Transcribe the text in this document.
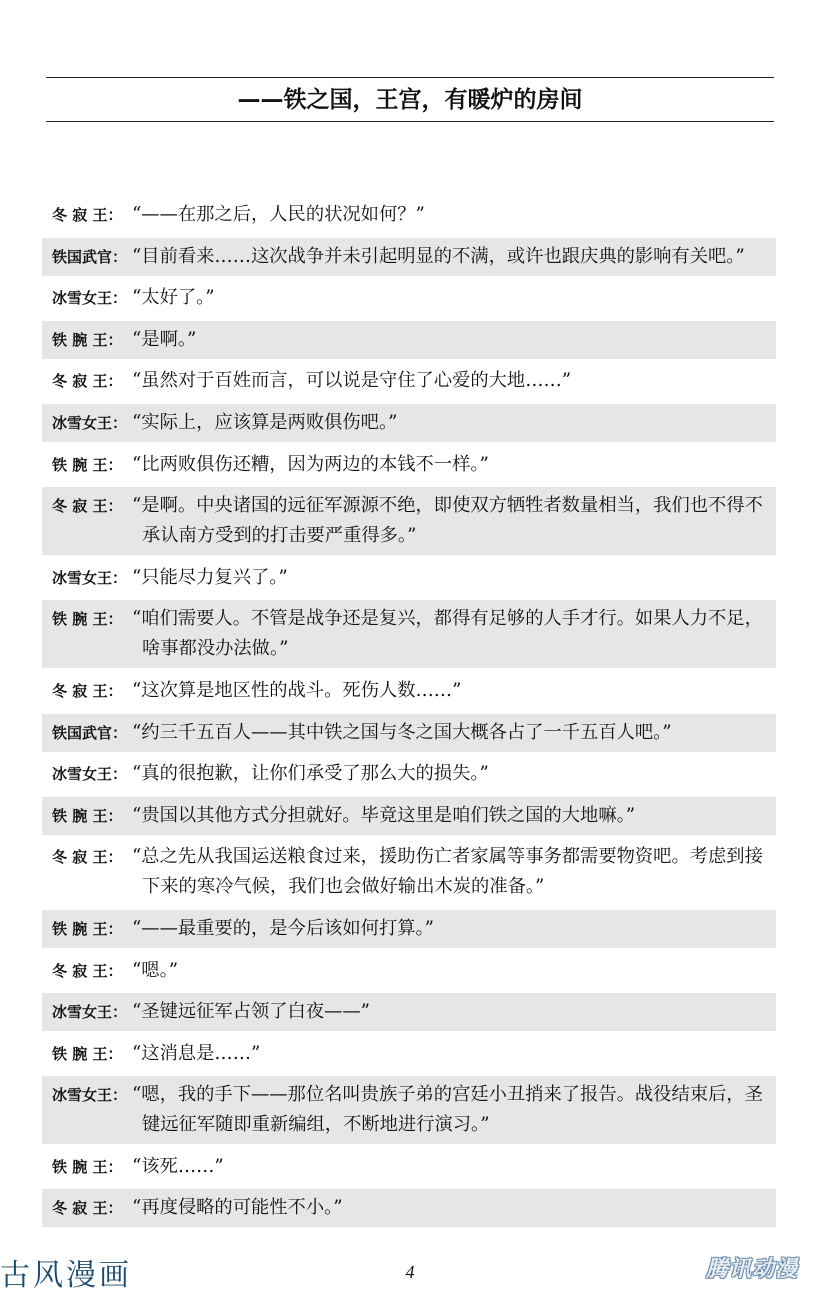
——铁之国，王宫，有暖炉的房间
冬 寂 王： “——在那之后，人民的状况如何？”
铁国武官： “目前看来……这次战争并未引起明显的不满，或许也跟庆典的影响有关吧。”
冰雪女王： “太好了。”
铁 腕 王： “是啊。”
冬 寂 王： “虽然对于百姓而言，可以说是守住了心爱的大地……”
冰雪女王： “实际上，应该算是两败俱伤吧。”
铁 腕 王： “比两败俱伤还糟，因为两边的本钱不一样。”
冬 寂 王： “是啊。中央诸国的远征军源源不绝，即使双方牺牲者数量相当，我们也不得不承认南方受到的打击要严重得多。”
冰雪女王： “只能尽力复兴了。”
铁 腕 王： “咱们需要人。不管是战争还是复兴，都得有足够的人手才行。如果人力不足，啥事都没办法做。”
冬 寂 王： “这次算是地区性的战斗。死伤人数……”
铁国武官： “约三千五百人——其中铁之国与冬之国大概各占了一千五百人吧。”
冰雪女王： “真的很抱歉，让你们承受了那么大的损失。”
铁 腕 王： “贵国以其他方式分担就好。毕竟这里是咱们铁之国的大地嘛。”
冬 寂 王： “总之先从我国运送粮食过来，援助伤亡者家属等事务都需要物资吧。考虑到接下来的寒冷气候，我们也会做好输出木炭的准备。”
铁 腕 王： “——最重要的，是今后该如何打算。”
冬 寂 王： “嗯。”
冰雪女王： “圣键远征军占领了白夜——”
铁 腕 王： “这消息是……”
冰雪女王： “嗯，我的手下——那位名叫贵族子弟的宫廷小丑捎来了报告。战役结束后，圣键远征军随即重新编组，不断地进行演习。”
铁 腕 王： “该死……”
冬 寂 王： “再度侵略的可能性不小。”
古风漫画	4	腾讯动漫
